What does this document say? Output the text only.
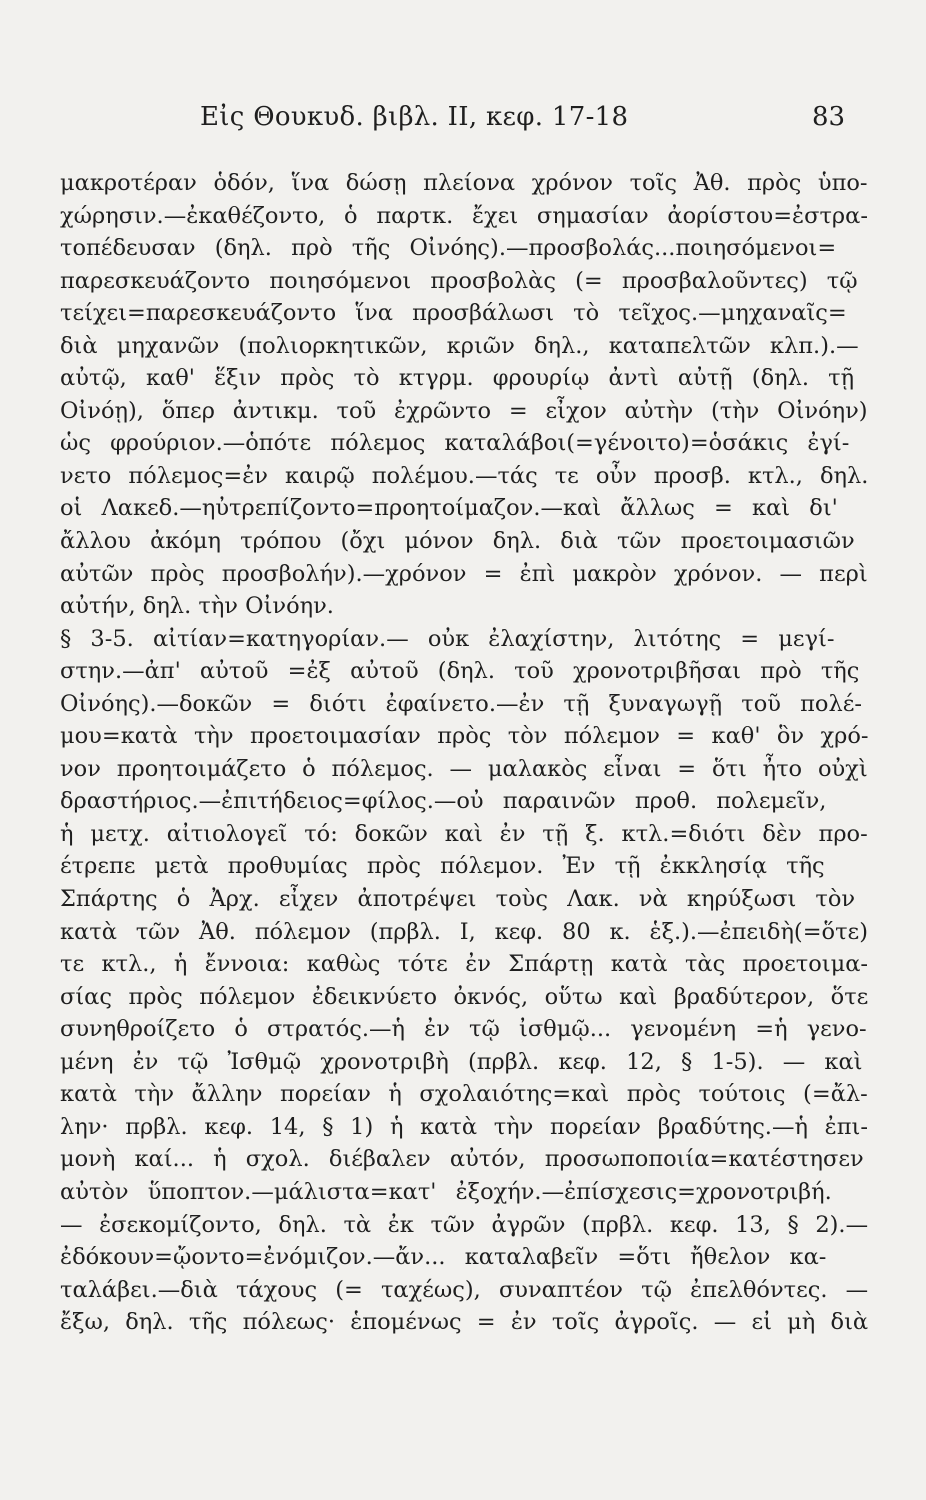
Εἰς Θουκυδ. βιβλ. II, κεφ. 17-18	83
μακροτέραν ὁδόν, ἵνα δώσῃ πλείονα χρόνον τοῖς Ἀθ. πρὸς ὑπο-
χώρησιν.—ἐκαθέζοντο, ὁ παρτκ. ἔχει σημασίαν ἀορίστου=ἐστρα-
τοπέδευσαν (δηλ. πρὸ τῆς Οἰνόης).—προσβολάς...ποιησόμενοι=
παρεσκευάζοντο ποιησόμενοι προσβολὰς (= προσβαλοῦντες) τῷ
τείχει=παρεσκευάζοντο ἵνα προσβάλωσι τὸ τεῖχος.—μηχαναῖς=
διὰ μηχανῶν (πολιορκητικῶν, κριῶν δηλ., καταπελτῶν κλπ.).—
αὐτῷ, καθ' ἕξιν πρὸς τὸ κτγρμ. φρουρίῳ ἀντὶ αὐτῇ (δηλ. τῇ
Οἰνόῃ), ὅπερ ἀντικμ. τοῦ ἐχρῶντο = εἶχον αὐτὴν (τὴν Οἰνόην)
ὡς φρούριον.—ὁπότε πόλεμος καταλάβοι(=γένοιτο)=ὁσάκις ἐγί-
νετο πόλεμος=ἐν καιρῷ πολέμου.—τάς τε οὖν προσβ. κτλ., δηλ.
οἱ Λακεδ.—ηὐτρεπίζοντο=προητοίμαζον.—καὶ ἄλλως = καὶ δι'
ἄλλου ἀκόμη τρόπου (ὄχι μόνον δηλ. διὰ τῶν προετοιμασιῶν
αὐτῶν πρὸς προσβολήν).—χρόνον = ἐπὶ μακρὸν χρόνον. — περὶ
αὐτήν, δηλ. τὴν Οἰνόην.
§ 3-5. αἰτίαν=κατηγορίαν.— οὐκ ἐλαχίστην, λιτότης = μεγί-
στην.—ἀπ' αὐτοῦ =ἐξ αὐτοῦ (δηλ. τοῦ χρονοτριβῆσαι πρὸ τῆς
Οἰνόης).—δοκῶν = διότι ἐφαίνετο.—ἐν τῇ ξυναγωγῇ τοῦ πολέ-
μου=κατὰ τὴν προετοιμασίαν πρὸς τὸν πόλεμον = καθ' ὃν χρό-
νον προητοιμάζετο ὁ πόλεμος. — μαλακὸς εἶναι = ὅτι ἦτο οὐχὶ
δραστήριος.—ἐπιτήδειος=φίλος.—οὐ παραινῶν προθ. πολεμεῖν,
ἡ μετχ. αἰτιολογεῖ τό: δοκῶν καὶ ἐν τῇ ξ. κτλ.=διότι δὲν προ-
έτρεπε μετὰ προθυμίας πρὸς πόλεμον. Ἐν τῇ ἐκκλησίᾳ τῆς
Σπάρτης ὁ Ἀρχ. εἶχεν ἀποτρέψει τοὺς Λακ. νὰ κηρύξωσι τὸν
κατὰ τῶν Ἀθ. πόλεμον (πρβλ. I, κεφ. 80 κ. ἑξ.).—ἐπειδὴ(=ὅτε)
τε κτλ., ἡ ἔννοια: καθὼς τότε ἐν Σπάρτῃ κατὰ τὰς προετοιμα-
σίας πρὸς πόλεμον ἐδεικνύετο ὀκνός, οὕτω καὶ βραδύτερον, ὅτε
συνηθροίζετο ὁ στρατός.—ἡ ἐν τῷ ἰσθμῷ... γενομένη =ἡ γενο-
μένη ἐν τῷ Ἰσθμῷ χρονοτριβὴ (πρβλ. κεφ. 12, § 1-5). — καὶ
κατὰ τὴν ἄλλην πορείαν ἡ σχολαιότης=καὶ πρὸς τούτοις (=ἄλ-
λην· πρβλ. κεφ. 14, § 1) ἡ κατὰ τὴν πορείαν βραδύτης.—ἡ ἐπι-
μονὴ καί... ἡ σχολ. διέβαλεν αὐτόν, προσωποποιία=κατέστησεν
αὐτὸν ὕποπτον.—μάλιστα=κατ' ἐξοχήν.—ἐπίσχεσις=χρονοτριβή.
— ἐσεκομίζοντο, δηλ. τὰ ἐκ τῶν ἀγρῶν (πρβλ. κεφ. 13, § 2).—
ἐδόκουν=ᾤοντο=ἐνόμιζον.—ἄν... καταλαβεῖν =ὅτι ἤθελον κα-
ταλάβει.—διὰ τάχους (= ταχέως), συναπτέον τῷ ἐπελθόντες. —
ἔξω, δηλ. τῆς πόλεως· ἑπομένως = ἐν τοῖς ἀγροῖς. — εἰ μὴ διὰ
